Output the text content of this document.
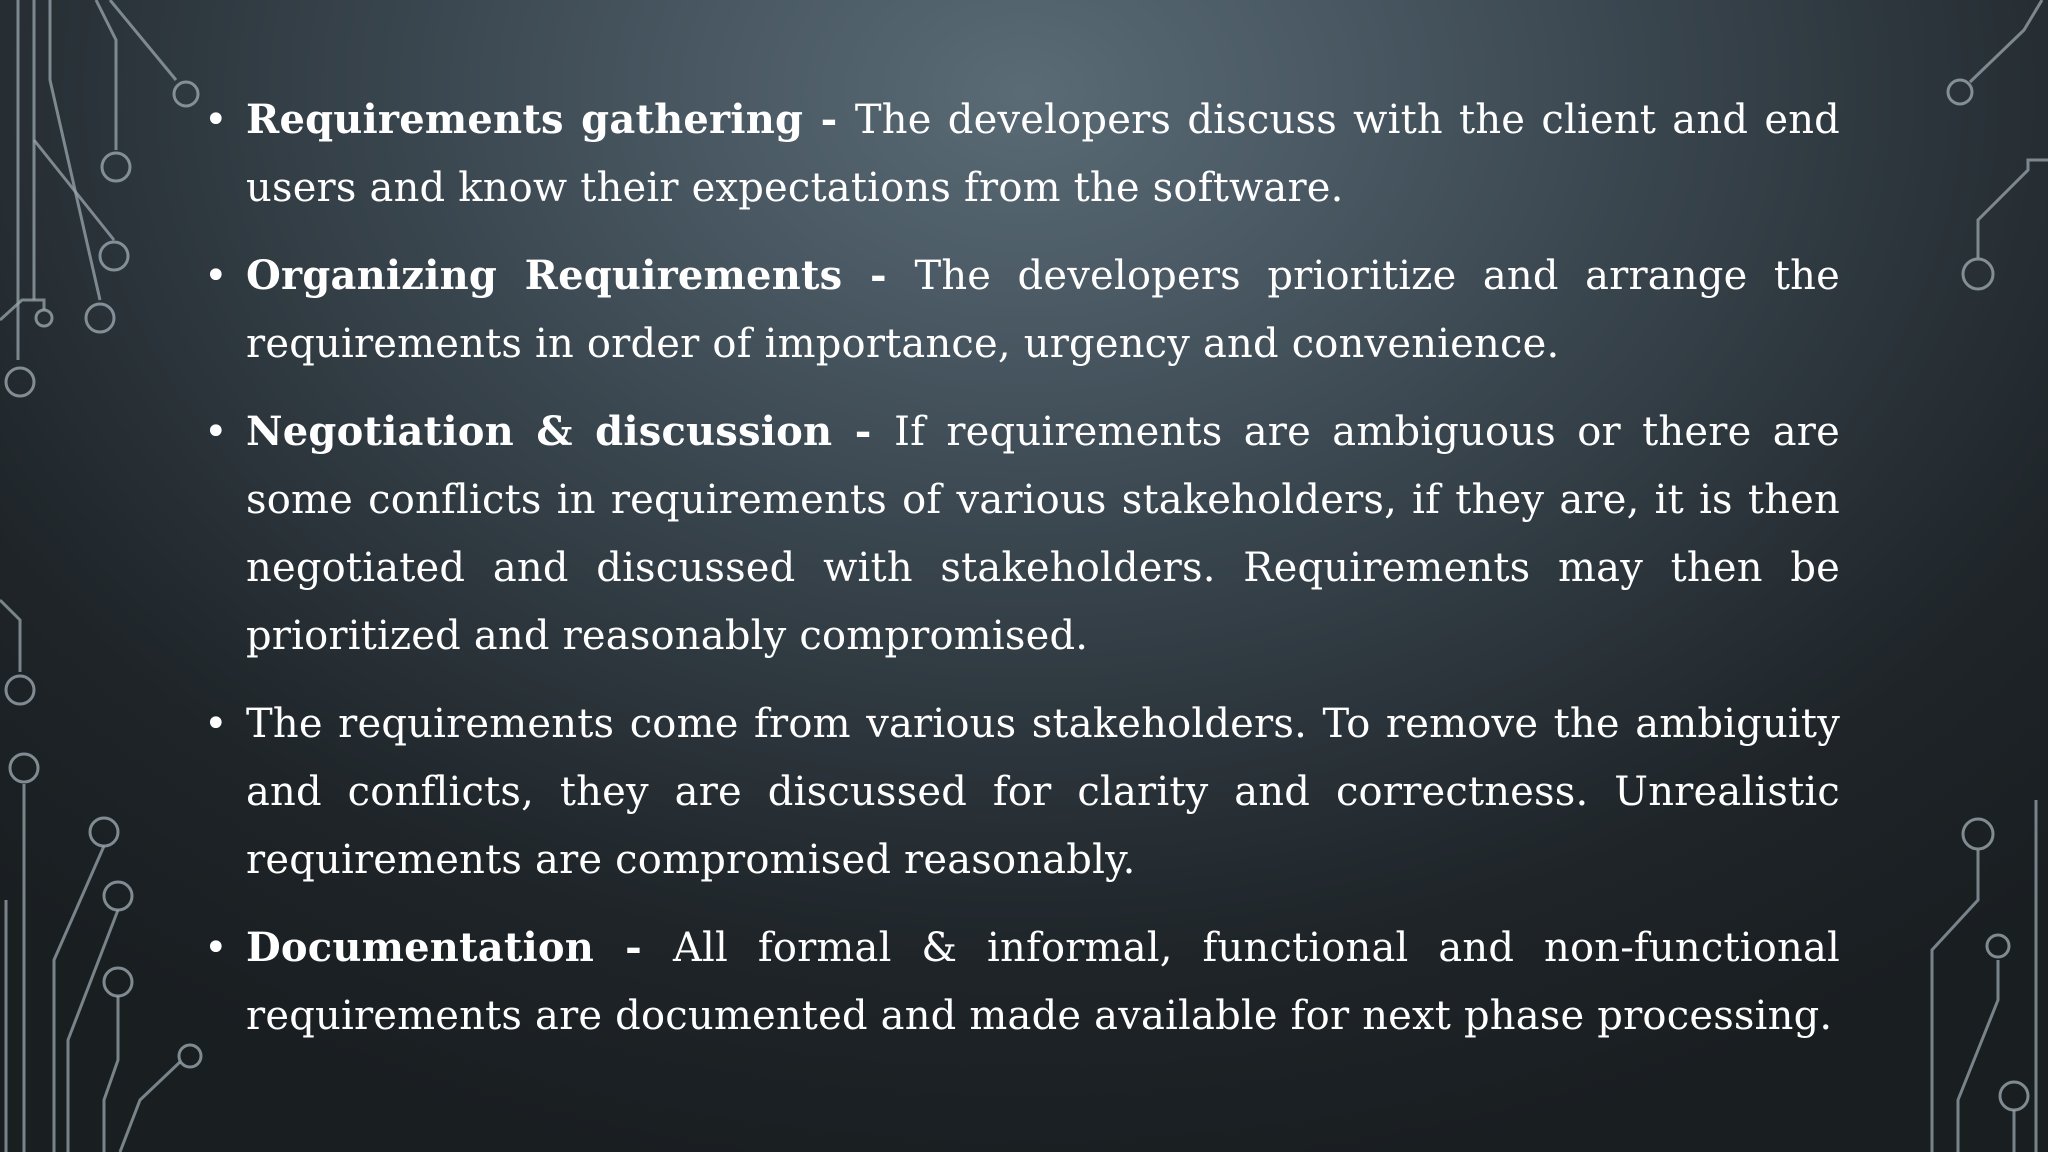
• Requirements gathering - The developers discuss with the client and end users and know their expectations from the software.
• Organizing Requirements - The developers prioritize and arrange the requirements in order of importance, urgency and convenience.
• Negotiation & discussion - If requirements are ambiguous or there are some conflicts in requirements of various stakeholders, if they are, it is then negotiated and discussed with stakeholders. Requirements may then be prioritized and reasonably compromised.
• The requirements come from various stakeholders. To remove the ambiguity and conflicts, they are discussed for clarity and correctness. Unrealistic requirements are compromised reasonably.
• Documentation - All formal & informal, functional and non-functional requirements are documented and made available for next phase processing.
